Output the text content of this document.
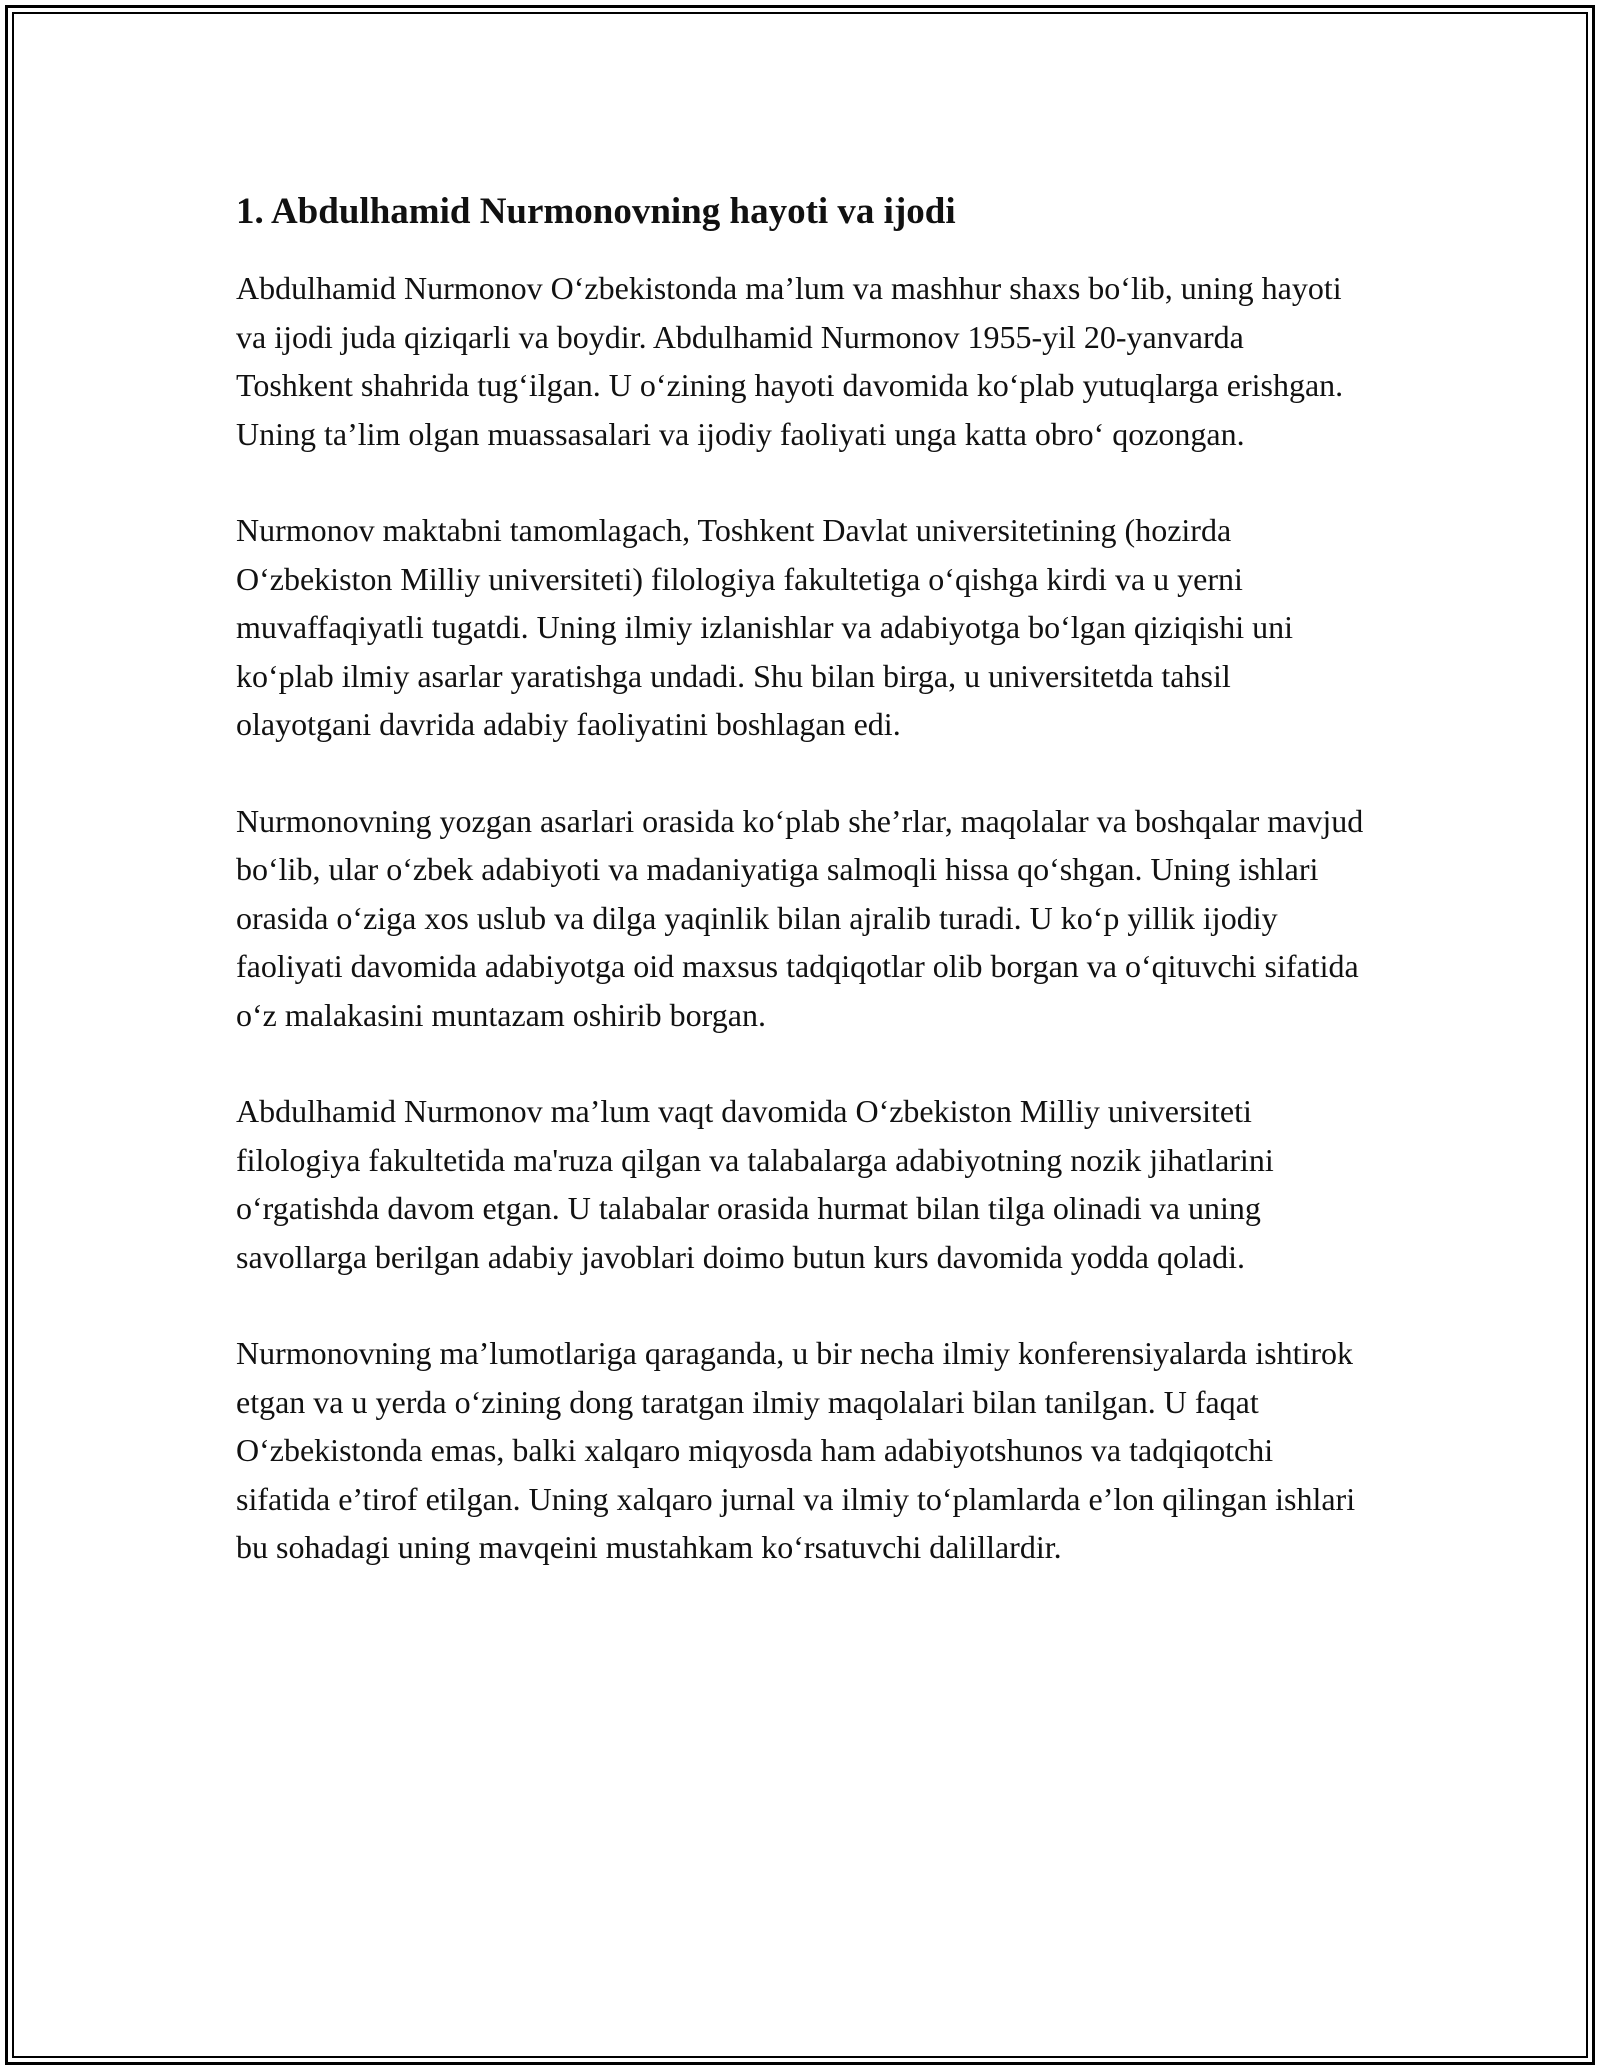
1. Abdulhamid Nurmonovning hayoti va ijodi

Abdulhamid Nurmonov O‘zbekistonda ma’lum va mashhur shaxs bo‘lib, uning hayoti va ijodi juda qiziqarli va boydir. Abdulhamid Nurmonov 1955-yil 20-yanvarda Toshkent shahrida tug‘ilgan. U o‘zining hayoti davomida ko‘plab yutuqlarga erishgan. Uning ta’lim olgan muassasalari va ijodiy faoliyati unga katta obro‘ qozongan.

Nurmonov maktabni tamomlagach, Toshkent Davlat universitetining (hozirda O‘zbekiston Milliy universiteti) filologiya fakultetiga o‘qishga kirdi va u yerni muvaffaqiyatli tugatdi. Uning ilmiy izlanishlar va adabiyotga bo‘lgan qiziqishi uni ko‘plab ilmiy asarlar yaratishga undadi. Shu bilan birga, u universitetda tahsil olayotgani davrida adabiy faoliyatini boshlagan edi.

Nurmonovning yozgan asarlari orasida ko‘plab she’rlar, maqolalar va boshqalar mavjud bo‘lib, ular o‘zbek adabiyoti va madaniyatiga salmoqli hissa qo‘shgan. Uning ishlari orasida o‘ziga xos uslub va dilga yaqinlik bilan ajralib turadi. U ko‘p yillik ijodiy faoliyati davomida adabiyotga oid maxsus tadqiqotlar olib borgan va o‘qituvchi sifatida o‘z malakasini muntazam oshirib borgan.

Abdulhamid Nurmonov ma’lum vaqt davomida O‘zbekiston Milliy universiteti filologiya fakultetida ma'ruza qilgan va talabalarga adabiyotning nozik jihatlarini o‘rgatishda davom etgan. U talabalar orasida hurmat bilan tilga olinadi va uning savollarga berilgan adabiy javoblari doimo butun kurs davomida yodda qoladi.

Nurmonovning ma’lumotlariga qaraganda, u bir necha ilmiy konferensiyalarda ishtirok etgan va u yerda o‘zining dong taratgan ilmiy maqolalari bilan tanilgan. U faqat O‘zbekistonda emas, balki xalqaro miqyosda ham adabiyotshunos va tadqiqotchi sifatida e’tirof etilgan. Uning xalqaro jurnal va ilmiy to‘plamlarda e’lon qilingan ishlari bu sohadagi uning mavqeini mustahkam ko‘rsatuvchi dalillardir.
